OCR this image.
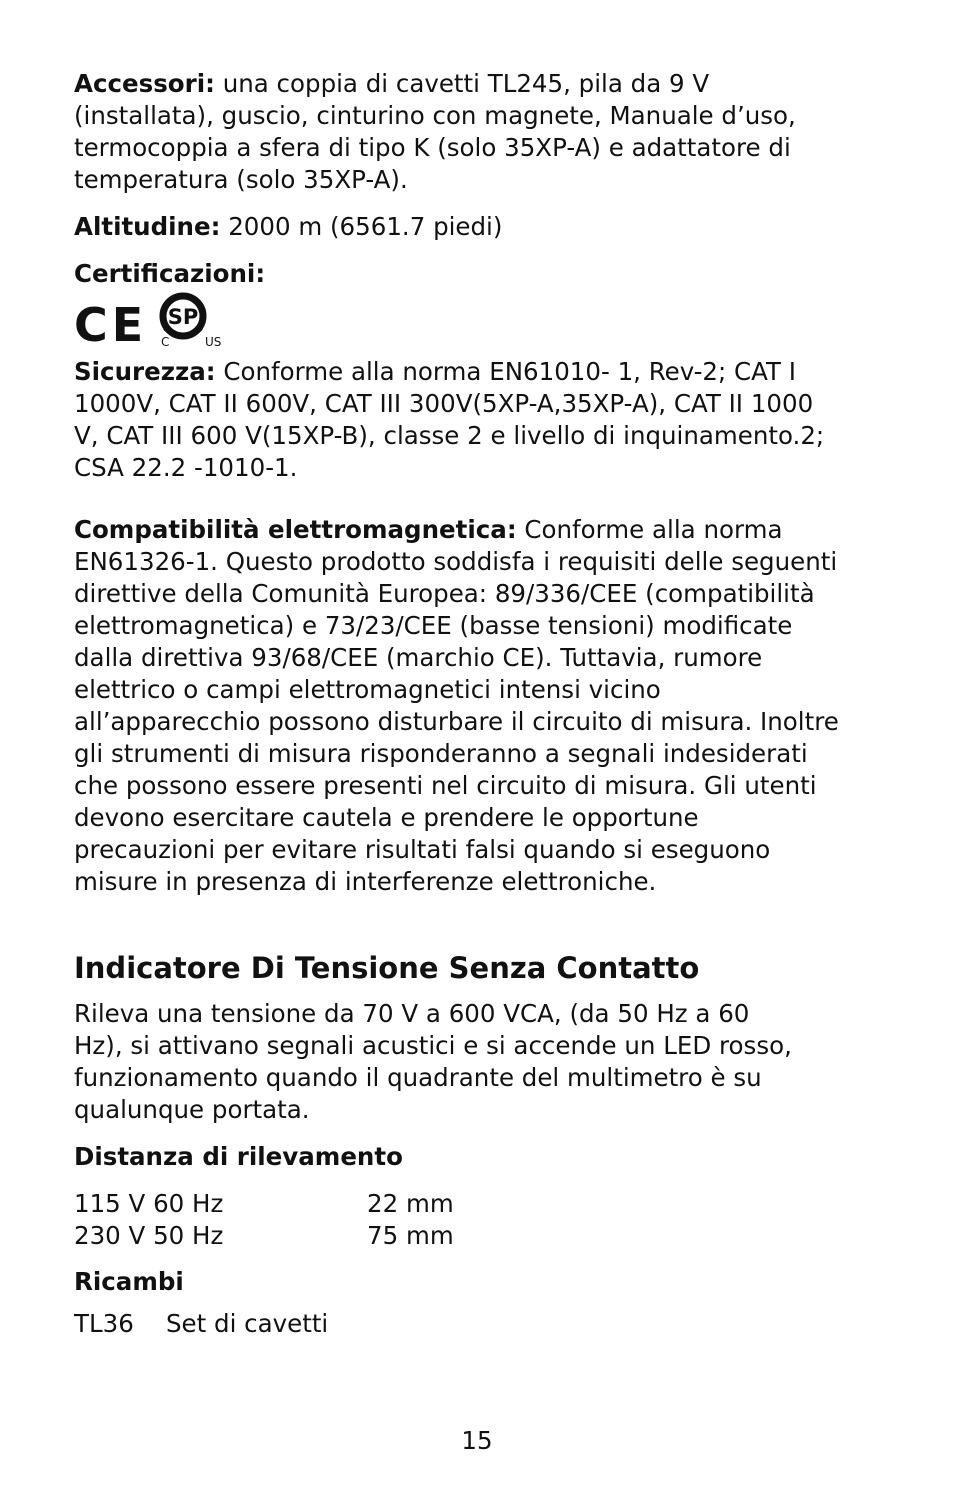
Accessori: una coppia di cavetti TL245, pila da 9 V (installata), guscio, cinturino con magnete, Manuale d’uso, termocoppia a sfera di tipo K (solo 35XP-A) e adattatore di temperatura (solo 35XP-A).

Altitudine: 2000 m (6561.7 piedi)

Certificazioni:

CE SP
C	US

Sicurezza: Conforme alla norma EN61010- 1, Rev-2; CAT I 1000V, CAT II 600V, CAT III 300V(5XP-A,35XP-A), CAT II 1000 V, CAT III 600 V(15XP-B), classe 2 e livello di inquinamento.2; CSA 22.2 -1010-1.

Compatibilità elettromagnetica: Conforme alla norma EN61326-1. Questo prodotto soddisfa i requisiti delle seguenti direttive della Comunità Europea: 89/336/CEE (compatibilità elettromagnetica) e 73/23/CEE (basse tensioni) modificate dalla direttiva 93/68/CEE (marchio CE). Tuttavia, rumore elettrico o campi elettromagnetici intensi vicino all’apparecchio possono disturbare il circuito di misura. Inoltre gli strumenti di misura risponderanno a segnali indesiderati che possono essere presenti nel circuito di misura. Gli utenti devono esercitare cautela e prendere le opportune precauzioni per evitare risultati falsi quando si eseguono misure in presenza di interferenze elettroniche.

Indicatore Di Tensione Senza Contatto

Rileva una tensione da 70 V a 600 VCA, (da 50 Hz a 60 Hz), si attivano segnali acustici e si accende un LED rosso, funzionamento quando il quadrante del multimetro è su qualunque portata.

Distanza di rilevamento

115 V 60 Hz	22 mm
230 V 50 Hz	75 mm

Ricambi

TL36	Set di cavetti
15
